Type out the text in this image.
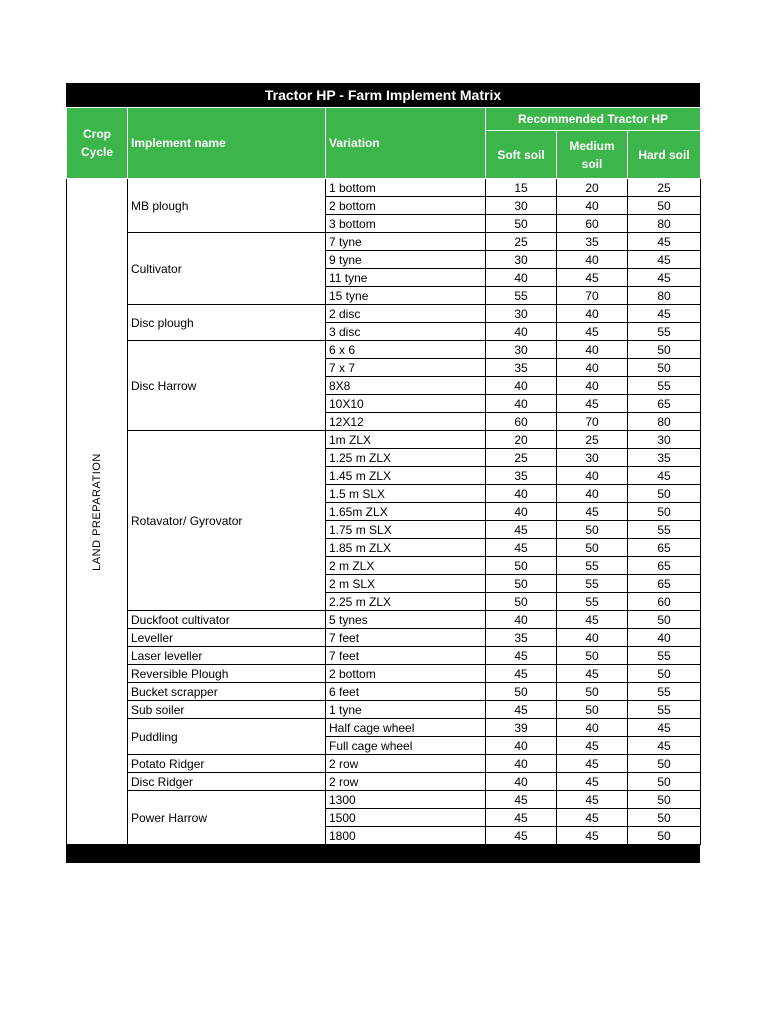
Tractor HP - Farm Implement Matrix
Crop Cycle	Implement name	Variation	Recommended Tractor HP		
			Soft soil	Medium soil	Hard soil

LAND PREPARATION	MB plough	1 bottom	15	20	25
		2 bottom	30	40	50
		3 bottom	50	60	80
	Cultivator	7 tyne	25	35	45
		9 tyne	30	40	45
		11 tyne	40	45	45
		15 tyne	55	70	80
	Disc plough	2 disc	30	40	45
		3 disc	40	45	55
	Disc Harrow	6 x 6	30	40	50
		7 x 7	35	40	50
		8X8	40	40	55
		10X10	40	45	65
		12X12	60	70	80
	Rotavator/ Gyrovator	1m ZLX	20	25	30
		1.25 m ZLX	25	30	35
		1.45 m ZLX	35	40	45
		1.5 m SLX	40	40	50
		1.65m ZLX	40	45	50
		1.75 m SLX	45	50	55
		1.85 m ZLX	45	50	65
		2 m ZLX	50	55	65
		2 m SLX	50	55	65
		2.25 m ZLX	50	55	60
	Duckfoot cultivator	5 tynes	40	45	50
	Leveller	7 feet	35	40	40
	Laser leveller	7 feet	45	50	55
	Reversible Plough	2 bottom	45	45	50
	Bucket scrapper	6 feet	50	50	55
	Sub soiler	1 tyne	45	50	55
	Puddling	Half cage wheel	39	40	45
		Full cage wheel	40	45	45
	Potato Ridger	2 row	40	45	50
	Disc Ridger	2 row	40	45	50
	Power Harrow	1300	45	45	50
		1500	45	45	50
		1800	45	45	50
